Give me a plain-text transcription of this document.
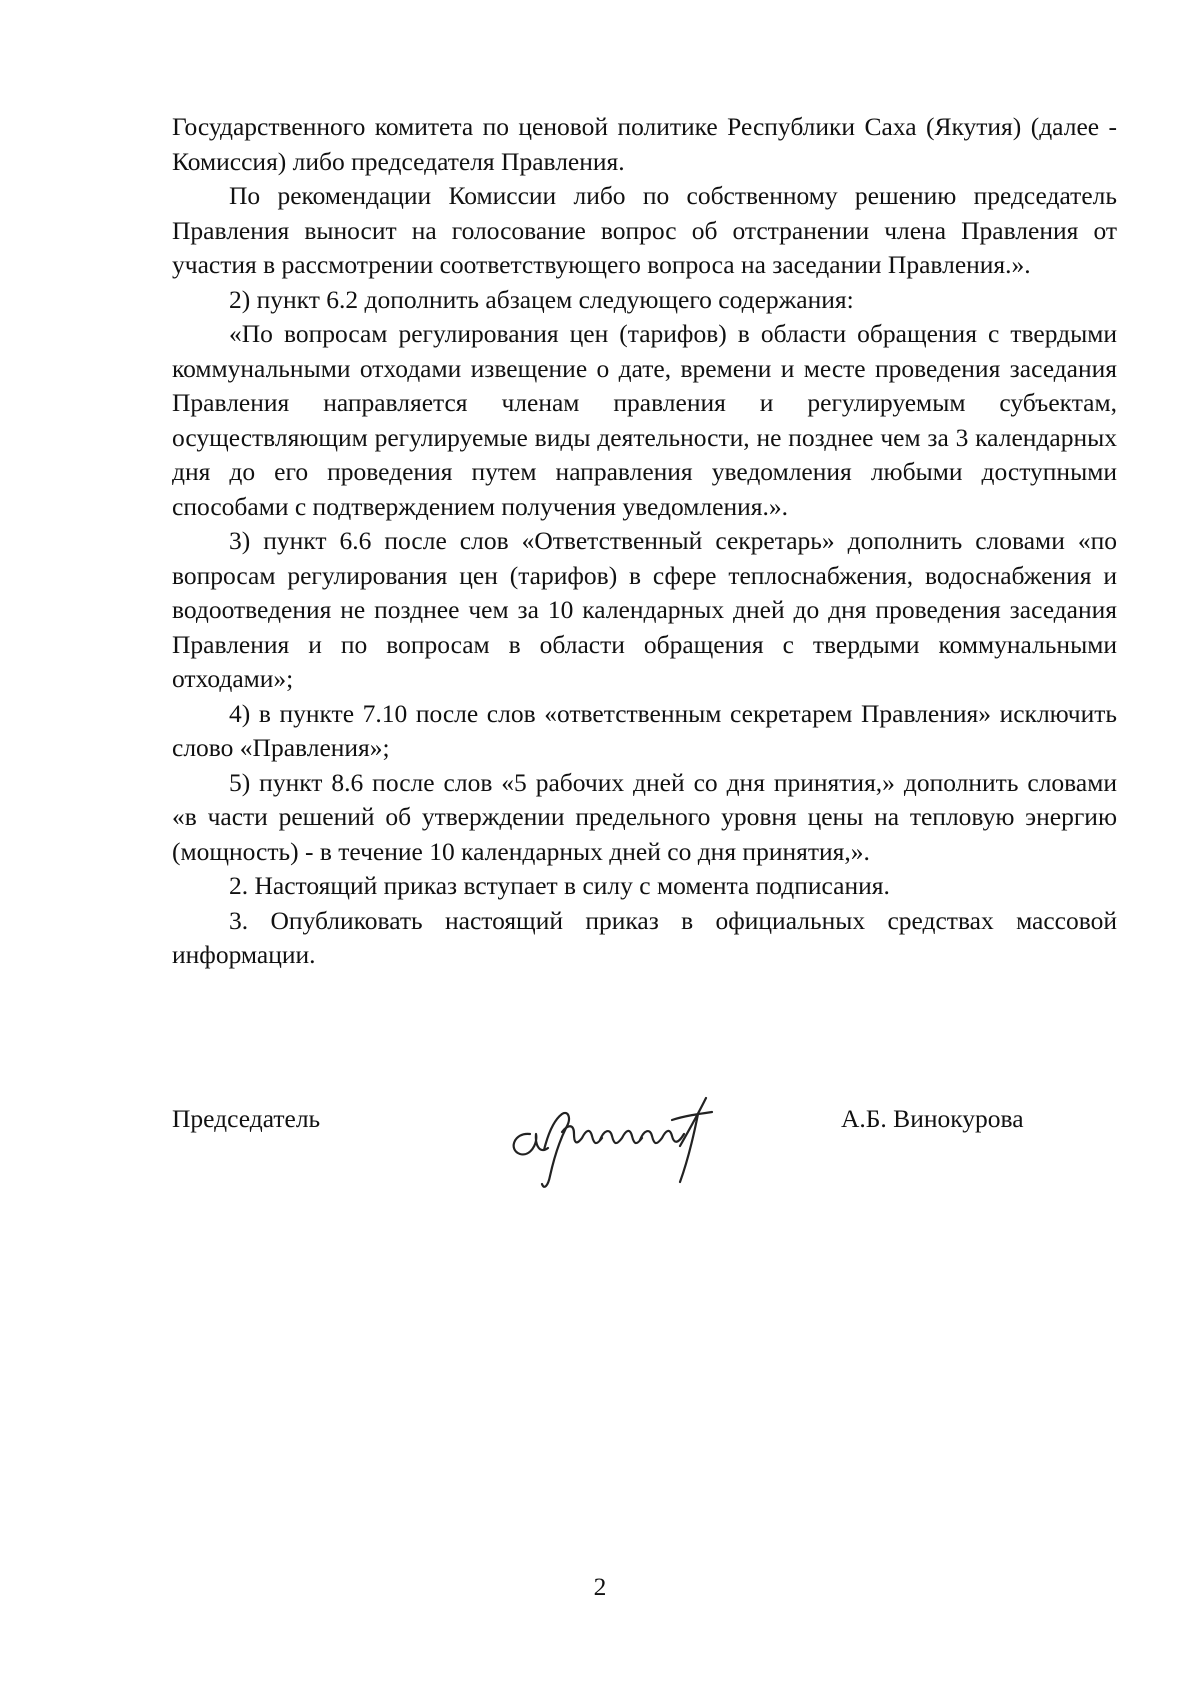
Государственного комитета по ценовой политике Республики Саха (Якутия) (далее - Комиссия) либо председателя Правления.

По рекомендации Комиссии либо по собственному решению председатель Правления выносит на голосование вопрос об отстранении члена Правления от участия в рассмотрении соответствующего вопроса на заседании Правления.».

2) пункт 6.2 дополнить абзацем следующего содержания:

«По вопросам регулирования цен (тарифов) в области обращения с твердыми коммунальными отходами извещение о дате, времени и месте проведения заседания Правления направляется членам правления и регулируемым субъектам, осуществляющим регулируемые виды деятельности, не позднее чем за 3 календарных дня до его проведения путем направления уведомления любыми доступными способами с подтверждением получения уведомления.».

3) пункт 6.6 после слов «Ответственный секретарь» дополнить словами «по вопросам регулирования цен (тарифов) в сфере теплоснабжения, водоснабжения и водоотведения не позднее чем за 10 календарных дней до дня проведения заседания Правления и по вопросам в области обращения с твердыми коммунальными отходами»;

4) в пункте 7.10 после слов «ответственным секретарем Правления» исключить слово «Правления»;

5) пункт 8.6 после слов «5 рабочих дней со дня принятия,» дополнить словами «в части решений об утверждении предельного уровня цены на тепловую энергию (мощность) - в течение 10 календарных дней со дня принятия,».

2. Настоящий приказ вступает в силу с момента подписания.

3. Опубликовать настоящий приказ в официальных средствах массовой информации.

Председатель	А.Б. Винокурова
2
